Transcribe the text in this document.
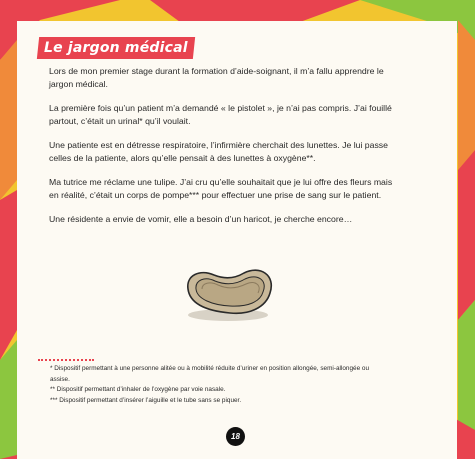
Le jargon médical

Lors de mon premier stage durant la formation d’aide-soignant, il m’a fallu apprendre le jargon médical.

La première fois qu’un patient m’a demandé « le pistolet », je n’ai pas compris. J’ai fouillé partout, c’était un urinal* qu’il voulait.

Une patiente est en détresse respiratoire, l’infirmière cherchait des lunettes. Je lui passe celles de la patiente, alors qu’elle pensait à des lunettes à oxygène**.

Ma tutrice me réclame une tulipe. J’ai cru qu’elle souhaitait que je lui offre des fleurs mais en réalité, c’était un corps de pompe*** pour effectuer une prise de sang sur le patient.

Une résidente a envie de vomir, elle a besoin d’un haricot, je cherche encore…

* Dispositif permettant à une personne alitée ou à mobilité réduite d’uriner en position allongée, semi-allongée ou assise.
** Dispositif permettant d’inhaler de l’oxygène par voie nasale.
*** Dispositif permettant d’insérer l’aiguille et le tube sans se piquer.
18
